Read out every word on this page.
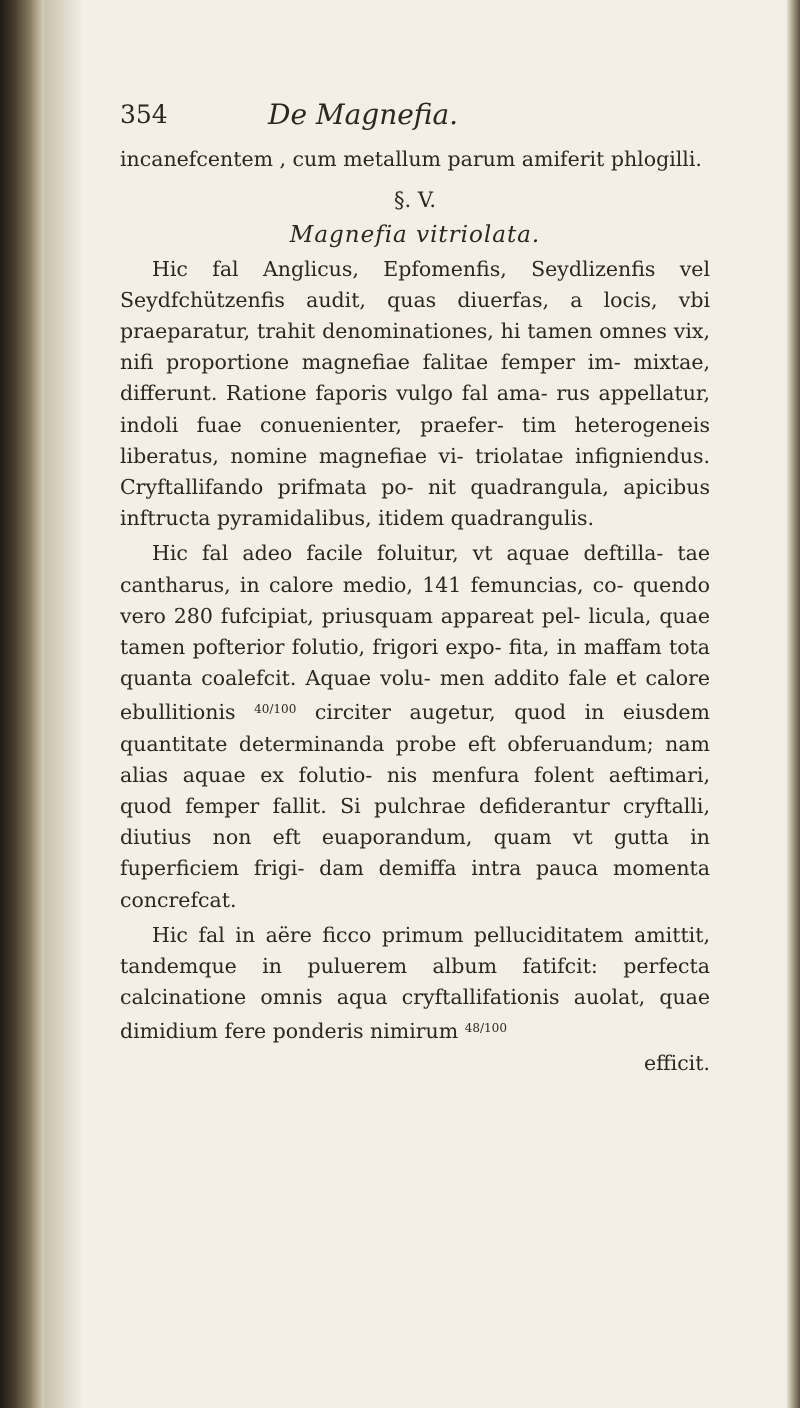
354	De Magnefia.

incanefcentem , cum metallum parum amiferit phlogilli.

§. V.
Magnefia vitriolata.

Hic fal Anglicus, Epfomenfis, Seydlizenfis vel Seydfchützenfis audit, quas diuerfas, a locis, vbi praeparatur, trahit denominationes, hi tamen omnes vix, nifi proportione magnefiae falitae femper im- mixtae, differunt. Ratione faporis vulgo fal ama- rus appellatur, indoli fuae conuenienter, praefer- tim heterogeneis liberatus, nomine magnefiae vi- triolatae infigniendus. Cryftallifando prifmata po- nit quadrangula, apicibus inftructa pyramidalibus, itidem quadrangulis.

Hic fal adeo facile foluitur, vt aquae deftilla- tae cantharus, in calore medio, 141 femuncias, co- quendo vero 280 fufcipiat, priusquam appareat pel- licula, quae tamen pofterior folutio, frigori expo- fita, in maffam tota quanta coalefcit. Aquae volu- men addito fale et calore ebullitionis $^{40/100}$ circiter augetur, quod in eiusdem quantitate determinanda probe eft obferuandum; nam alias aquae ex folutio- nis menfura folent aeftimari, quod femper fallit. Si pulchrae defiderantur cryftalli, diutius non eft euaporandum, quam vt gutta in fuperficiem frigi- dam demiffa intra pauca momenta concrefcat.

Hic fal in aëre ficco primum pelluciditatem amittit, tandemque in puluerem album fatifcit: perfecta calcinatione omnis aqua cryftallifationis auolat, quae dimidium fere ponderis nimirum $^{48/100}$

efficit.
